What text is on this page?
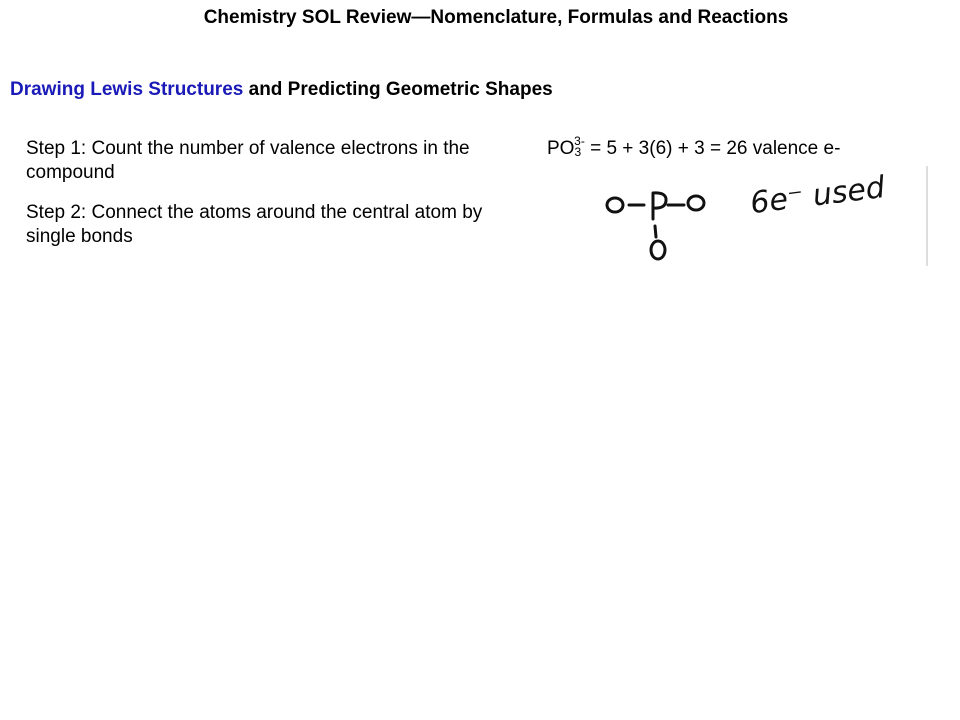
Chemistry SOL Review—Nomenclature, Formulas and Reactions
Drawing Lewis Structures and Predicting Geometric Shapes

Step 1: Count the number of valence electrons in the compound

Step 2: Connect the atoms around the central atom by single bonds

$PO_3^{3-} = 5 + 3(6) + 3 = 26$ valence e-
6e⁻ used
